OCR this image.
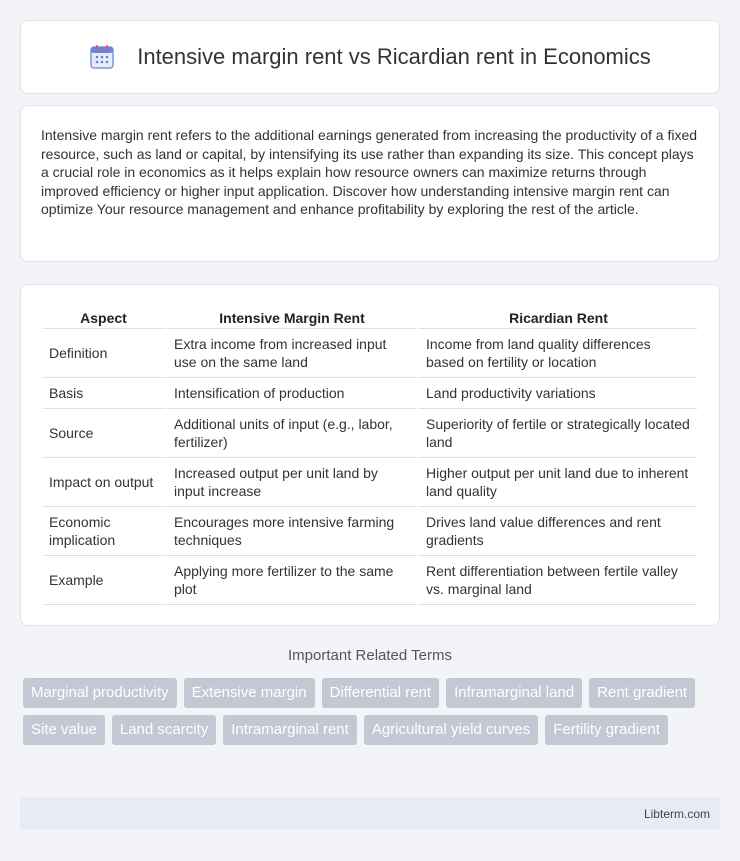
Intensive margin rent vs Ricardian rent in Economics

Intensive margin rent refers to the additional earnings generated from increasing the productivity of a fixed resource, such as land or capital, by intensifying its use rather than expanding its size. This concept plays a crucial role in economics as it helps explain how resource owners can maximize returns through improved efficiency or higher input application. Discover how understanding intensive margin rent can optimize Your resource management and enhance profitability by exploring the rest of the article.

Aspect	Intensive Margin Rent	Ricardian Rent
Definition	Extra income from increased input use on the same land	Income from land quality differences based on fertility or location
Basis	Intensification of production	Land productivity variations
Source	Additional units of input (e.g., labor, fertilizer)	Superiority of fertile or strategically located land
Impact on output	Increased output per unit land by input increase	Higher output per unit land due to inherent land quality
Economic implication	Encourages more intensive farming techniques	Drives land value differences and rent gradients
Example	Applying more fertilizer to the same plot	Rent differentiation between fertile valley vs. marginal land
Important Related Terms
Marginal productivity	Extensive margin	Differential rent	Inframarginal land	Rent gradient
Site value	Land scarcity	Intramarginal rent	Agricultural yield curves	Fertility gradient
Libterm.com
